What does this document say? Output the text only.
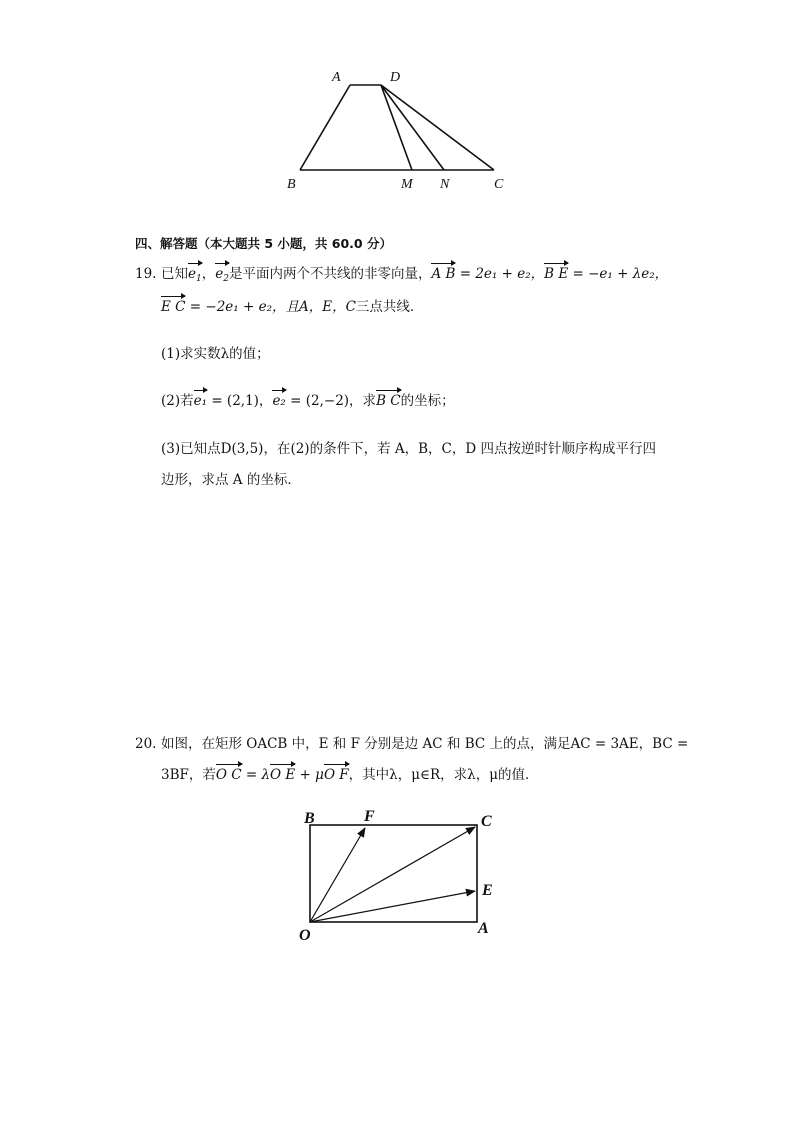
A	D
B	M N	C
四、解答题（本大题共 5 小题，共 60.0 分）
19. 已知$e_1$，$e_2$是平面内两个不共线的非零向量，A B = 2e₁ + e₂，B E = −e₁ + λe₂，
E C = −2e₁ + e₂，且A，E，C三点共线．
(1)求实数λ的值；
(2)若e₁ = (2,1)，e₂ = (2,−2)，求B C的坐标；
(3)已知点D(3,5)，在(2)的条件下，若 A，B，C，D 四点按逆时针顺序构成平行四
边形，求点 A 的坐标．
20. 如图，在矩形 OACB 中，E 和 F 分别是边 AC 和 BC 上的点，满足AC = 3AE，BC =
3BF，若O C = λO E + μO F，其中λ，μ∈R，求λ，μ的值．
B	F	C
E
O	A
